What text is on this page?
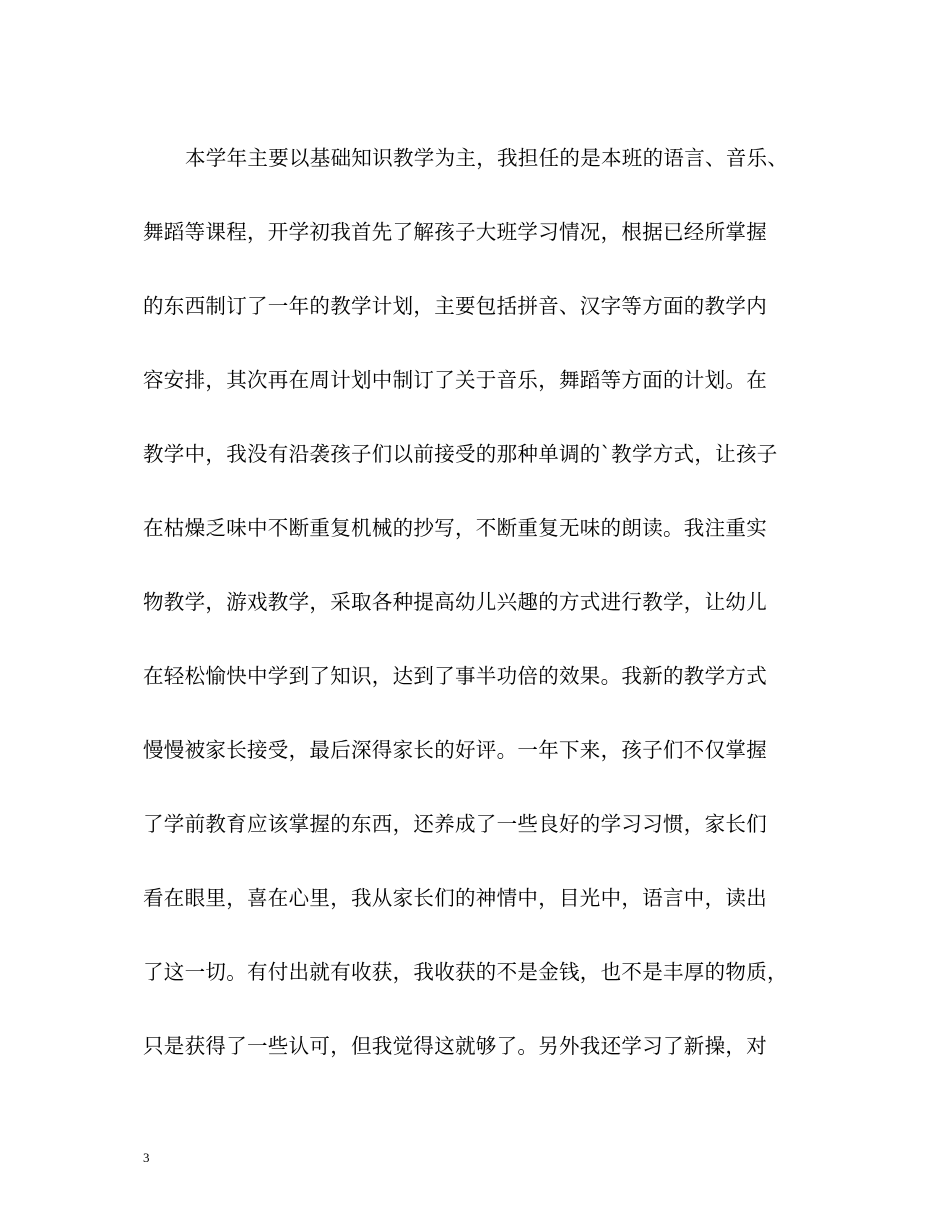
本学年主要以基础知识教学为主，我担任的是本班的语言、音乐、
舞蹈等课程，开学初我首先了解孩子大班学习情况，根据已经所掌握
的东西制订了一年的教学计划，主要包括拼音、汉字等方面的教学内
容安排，其次再在周计划中制订了关于音乐，舞蹈等方面的计划。在
教学中，我没有沿袭孩子们以前接受的那种单调的`教学方式，让孩子
在枯燥乏味中不断重复机械的抄写，不断重复无味的朗读。我注重实
物教学，游戏教学，采取各种提高幼儿兴趣的方式进行教学，让幼儿
在轻松愉快中学到了知识，达到了事半功倍的效果。我新的教学方式
慢慢被家长接受，最后深得家长的好评。一年下来，孩子们不仅掌握
了学前教育应该掌握的东西，还养成了一些良好的学习习惯，家长们
看在眼里，喜在心里，我从家长们的神情中，目光中，语言中，读出
了这一切。有付出就有收获，我收获的不是金钱，也不是丰厚的物质，
只是获得了一些认可，但我觉得这就够了。另外我还学习了新操，对
3
